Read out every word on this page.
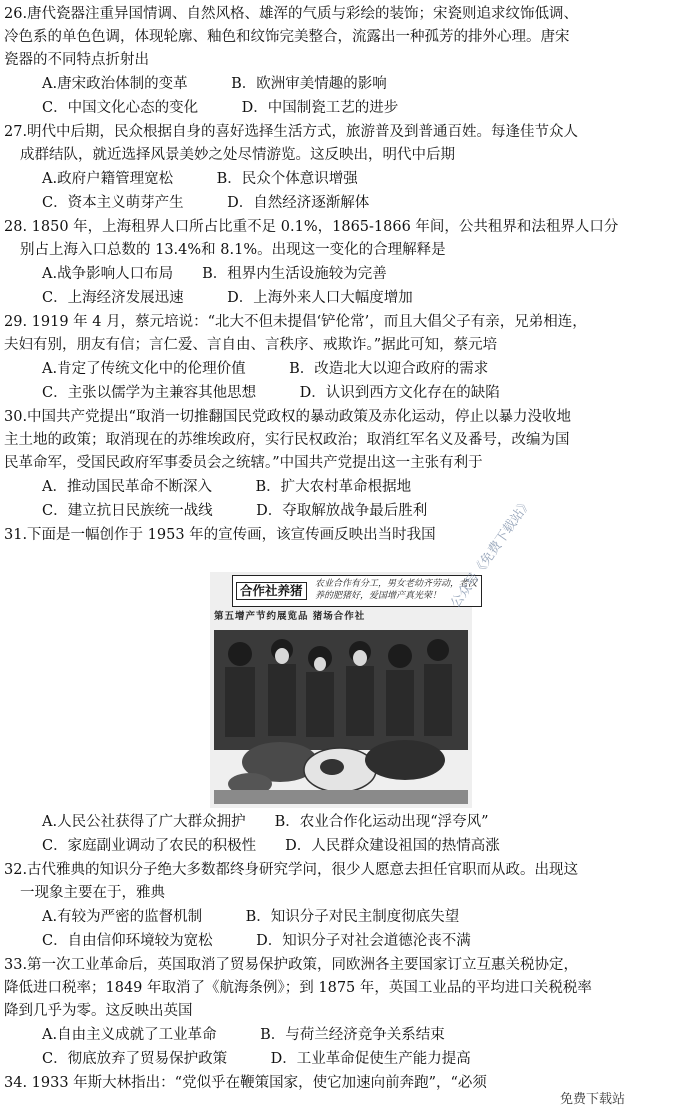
26.唐代瓷器注重异国情调、自然风格、雄浑的气质与彩绘的装饰；宋瓷则追求纹饰低调、
冷色系的单色色调，体现轮廓、釉色和纹饰完美整合，流露出一种孤芳的排外心理。唐宋
瓷器的不同特点折射出
A.唐宋政治体制的变革　　　B．欧洲审美情趣的影响
C．中国文化心态的变化　　　D．中国制瓷工艺的进步
27.明代中后期，民众根据自身的喜好选择生活方式，旅游普及到普通百姓。每逢佳节众人
成群结队，就近选择风景美妙之处尽情游览。这反映出，明代中后期
A.政府户籍管理宽松　　　B．民众个体意识增强
C．资本主义萌芽产生　　　D．自然经济逐渐解体
28. 1850 年，上海租界人口所占比重不足 0.1%，1865-1866 年间，公共租界和法租界人口分
别占上海入口总数的 13.4%和 8.1%。出现这一变化的合理解释是
A.战争影响人口布局　　B．租界内生活设施较为完善
C．上海经济发展迅速　　　D．上海外来人口大幅度增加
29. 1919 年 4 月，蔡元培说：“北大不但未提倡‘铲伦常’，而且大倡父子有亲，兄弟相连，
夫妇有别，朋友有信；言仁爱、言自由、言秩序、戒欺诈。”据此可知，蔡元培
A.肯定了传统文化中的伦理价值　　　B．改造北大以迎合政府的需求
C．主张以儒学为主兼容其他思想　　　D．认识到西方文化存在的缺陷
30.中国共产党提出“取消一切推翻国民党政权的暴动政策及赤化运动，停止以暴力没收地
主土地的政策；取消现在的苏维埃政府，实行民权政治；取消红军名义及番号，改编为国
民革命军，受国民政府军事委员会之统辖。”中国共产党提出这一主张有利于
A．推动国民革命不断深入　　　B．扩大农村革命根据地
C．建立抗日民族统一战线　　　D．夺取解放战争最后胜利
31.下面是一幅创作于 1953 年的宣传画，该宣传画反映出当时我国
A.人民公社获得了广大群众拥护　　B．农业合作化运动出现“浮夸风”
C．家庭副业调动了农民的积极性　　D．人民群众建设祖国的热情高涨
32.古代雅典的知识分子绝大多数都终身研究学问，很少人愿意去担任官职而从政。出现这
一现象主要在于，雅典
A.有较为严密的监督机制　　　B．知识分子对民主制度彻底失望
C．自由信仰环境较为宽松　　　D．知识分子对社会道德沦丧不满
33.第一次工业革命后，英国取消了贸易保护政策，同欧洲各主要国家订立互惠关税协定，
降低进口税率；1849 年取消了《航海条例》；到 1875 年，英国工业品的平均进口关税税率
降到几乎为零。这反映出英国
A.自由主义成就了工业革命　　　B．与荷兰经济竞争关系结束
C．彻底放弃了贸易保护政策　　　D．工业革命促使生产能力提高
34. 1933 年斯大林指出：“党似乎在鞭策国家，使它加速向前奔跑”，“必须
合作社养猪	农业合作有分工，男女老幼齐劳动，老汉养的肥猪好，爱国增产真光荣！
第五增产节约展览品 猪场合作社
公众号《免费下载站》
免费下载站
